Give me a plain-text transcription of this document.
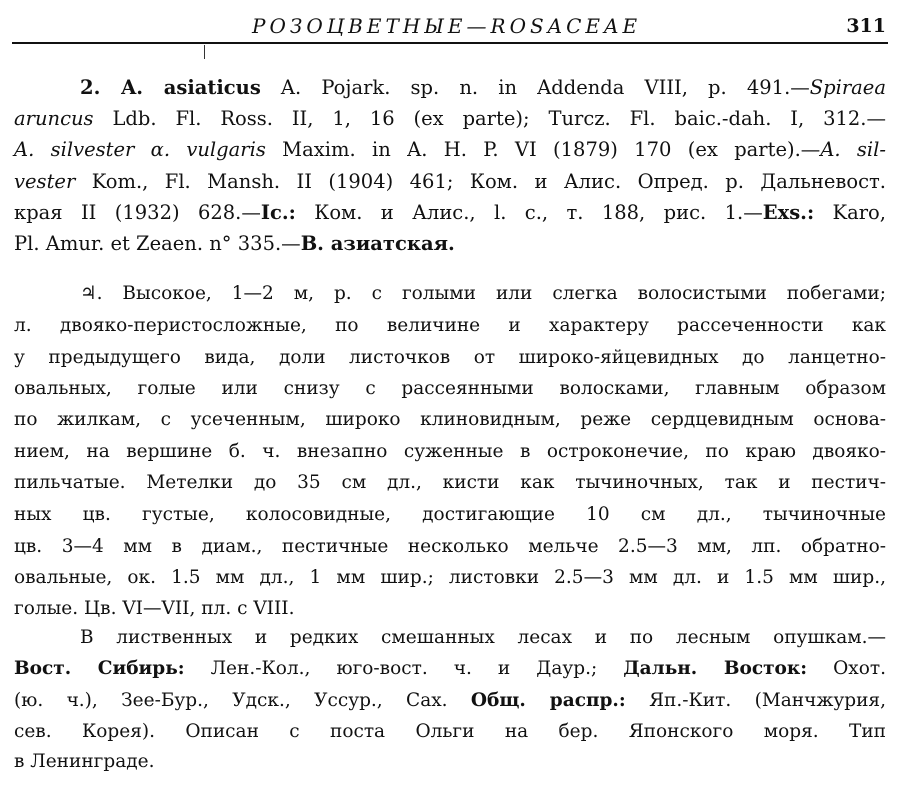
РОЗОЦВЕТНЫЕ—ROSACEAE	311
2. A. asiaticus A. Pojark. sp. n. in Addenda VIII, p. 491.—Spiraea
aruncus Ldb. Fl. Ross. II, 1, 16 (ex parte); Turcz. Fl. baic.-dah. I, 312.—
A. silvester α. vulgaris Maxim. in A. H. P. VI (1879) 170 (ex parte).—A. sil-
vester Kom., Fl. Mansh. II (1904) 461; Ком. и Алис. Опред. р. Дальневост.
края II (1932) 628.—Ic.: Ком. и Алис., l. c., т. 188, рис. 1.—Exs.: Karo,
Pl. Amur. et Zeaen. n° 335.—B. азиатская.
♃. Высокое, 1—2 м, р. с голыми или слегка волосистыми побегами;
л. двояко-перистосложные, по величине и характеру рассеченности как
у предыдущего вида, доли листочков от широко-яйцевидных до ланцетно-
овальных, голые или снизу с рассеянными волосками, главным образом
по жилкам, с усеченным, широко клиновидным, реже сердцевидным основа-
нием, на вершине б. ч. внезапно суженные в остроконечие, по краю двояко-
пильчатые. Метелки до 35 см дл., кисти как тычиночных, так и пестич-
ных цв. густые, колосовидные, достигающие 10 см дл., тычиночные
цв. 3—4 мм в диам., пестичные несколько мельче 2.5—3 мм, лп. обратно-
овальные, ок. 1.5 мм дл., 1 мм шир.; листовки 2.5—3 мм дл. и 1.5 мм шир.,
голые. Цв. VI—VII, пл. с VIII.
В лиственных и редких смешанных лесах и по лесным опушкам.—
Вост. Сибирь: Лен.-Кол., юго-вост. ч. и Даур.; Дальн. Восток: Охот.
(ю. ч.), Зее-Бур., Удск., Уссур., Сах. Общ. распр.: Яп.-Кит. (Манчжурия,
сев. Корея). Описан с поста Ольги на бер. Японского моря. Тип
в Ленинграде.
